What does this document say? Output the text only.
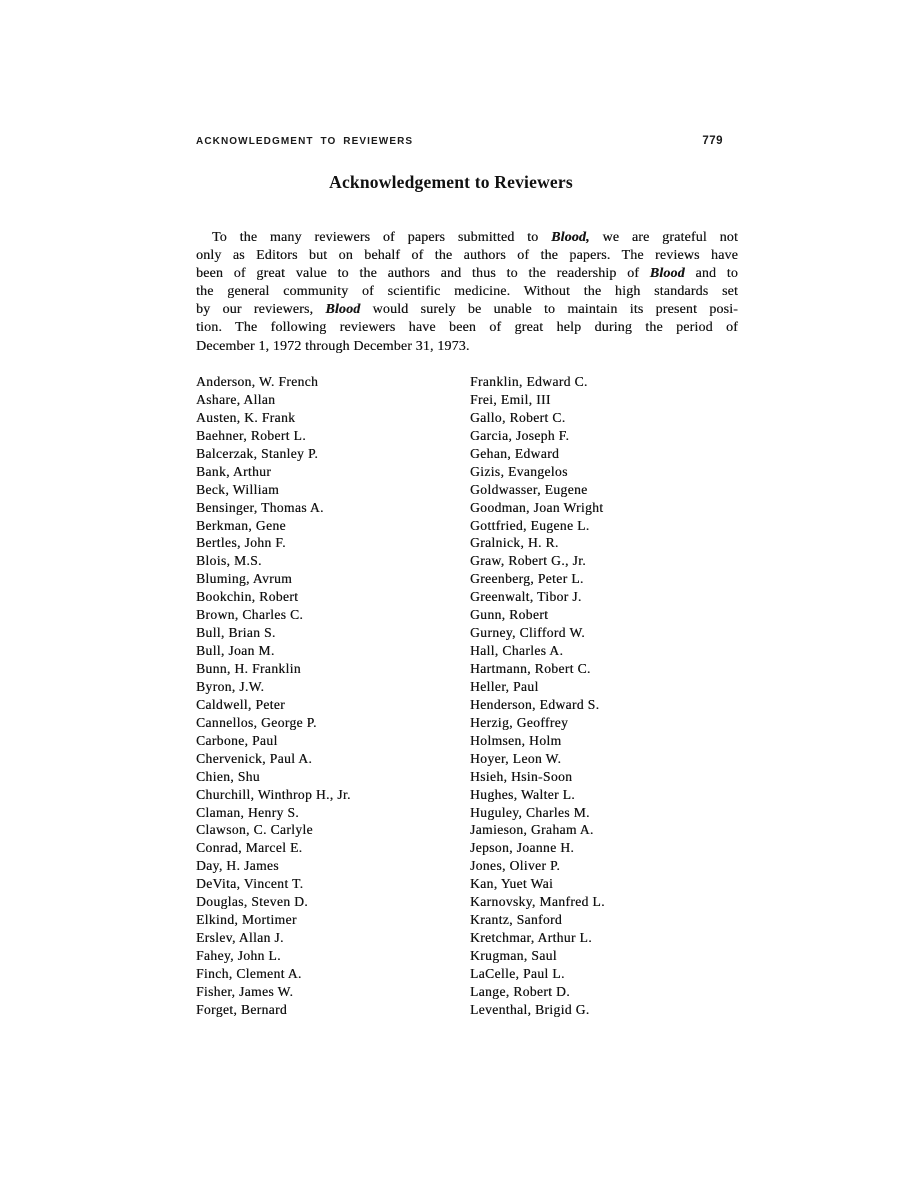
ACKNOWLEDGMENT TO REVIEWERS	779
Acknowledgement to Reviewers
To the many reviewers of papers submitted to Blood, we are grateful not
only as Editors but on behalf of the authors of the papers. The reviews have
been of great value to the authors and thus to the readership of Blood and to
the general community of scientific medicine. Without the high standards set
by our reviewers, Blood would surely be unable to maintain its present posi-
tion. The following reviewers have been of great help during the period of
December 1, 1972 through December 31, 1973.
Anderson, W. French
Ashare, Allan
Austen, K. Frank
Baehner, Robert L.
Balcerzak, Stanley P.
Bank, Arthur
Beck, William
Bensinger, Thomas A.
Berkman, Gene
Bertles, John F.
Blois, M.S.
Bluming, Avrum
Bookchin, Robert
Brown, Charles C.
Bull, Brian S.
Bull, Joan M.
Bunn, H. Franklin
Byron, J.W.
Caldwell, Peter
Cannellos, George P.
Carbone, Paul
Chervenick, Paul A.
Chien, Shu
Churchill, Winthrop H., Jr.
Claman, Henry S.
Clawson, C. Carlyle
Conrad, Marcel E.
Day, H. James
DeVita, Vincent T.
Douglas, Steven D.
Elkind, Mortimer
Erslev, Allan J.
Fahey, John L.
Finch, Clement A.
Fisher, James W.
Forget, Bernard
Franklin, Edward C.
Frei, Emil, III
Gallo, Robert C.
Garcia, Joseph F.
Gehan, Edward
Gizis, Evangelos
Goldwasser, Eugene
Goodman, Joan Wright
Gottfried, Eugene L.
Gralnick, H. R.
Graw, Robert G., Jr.
Greenberg, Peter L.
Greenwalt, Tibor J.
Gunn, Robert
Gurney, Clifford W.
Hall, Charles A.
Hartmann, Robert C.
Heller, Paul
Henderson, Edward S.
Herzig, Geoffrey
Holmsen, Holm
Hoyer, Leon W.
Hsieh, Hsin-Soon
Hughes, Walter L.
Huguley, Charles M.
Jamieson, Graham A.
Jepson, Joanne H.
Jones, Oliver P.
Kan, Yuet Wai
Karnovsky, Manfred L.
Krantz, Sanford
Kretchmar, Arthur L.
Krugman, Saul
LaCelle, Paul L.
Lange, Robert D.
Leventhal, Brigid G.
